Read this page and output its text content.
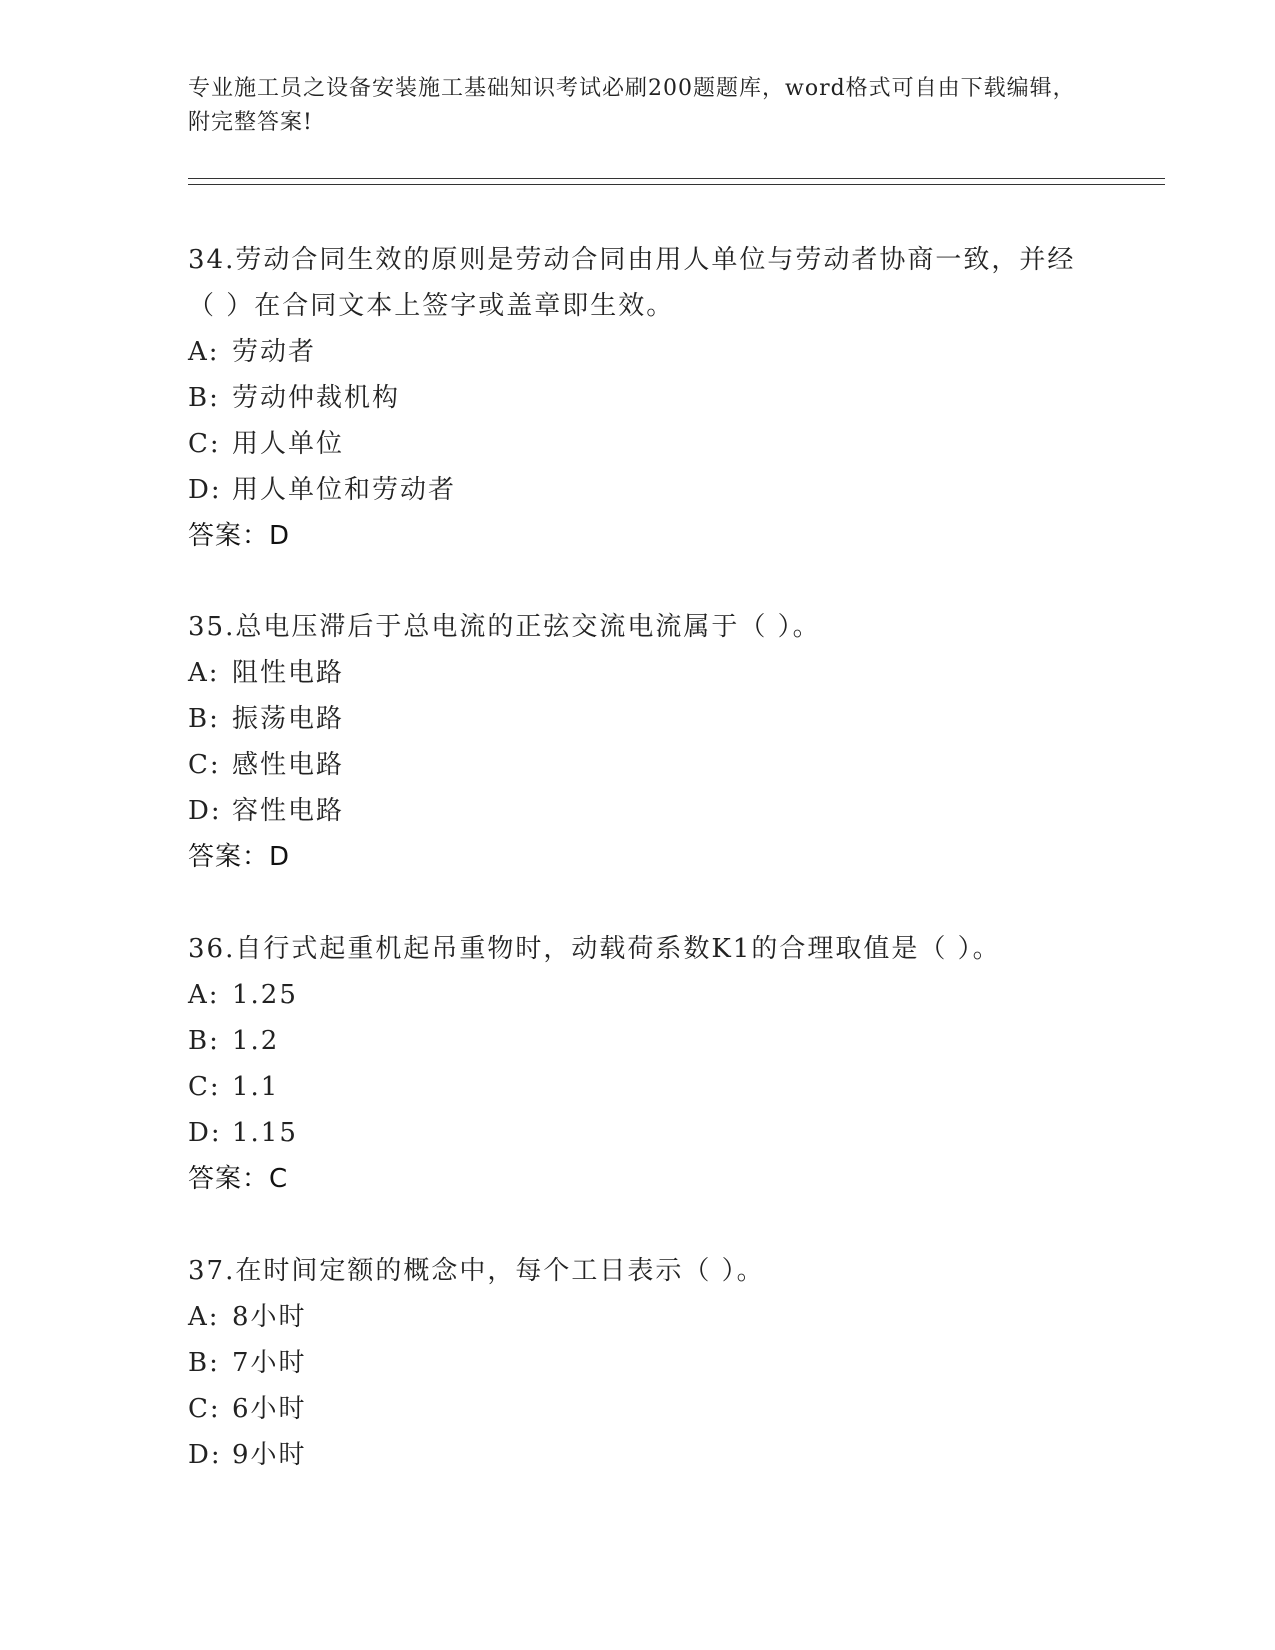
专业施工员之设备安装施工基础知识考试必刷200题题库，word格式可自由下载编辑，附完整答案!

34.劳动合同生效的原则是劳动合同由用人单位与劳动者协商一致，并经（ ）在合同文本上签字或盖章即生效。

A: 劳动者

B: 劳动仲裁机构

C: 用人单位

D: 用人单位和劳动者

答案：D

35.总电压滞后于总电流的正弦交流电流属于（ ）。

A: 阻性电路

B: 振荡电路

C: 感性电路

D: 容性电路

答案：D

36.自行式起重机起吊重物时，动载荷系数K1的合理取值是（ ）。

A: 1.25

B: 1.2

C: 1.1

D: 1.15

答案：C

37.在时间定额的概念中，每个工日表示（ ）。

A: 8小时

B: 7小时

C: 6小时

D: 9小时
